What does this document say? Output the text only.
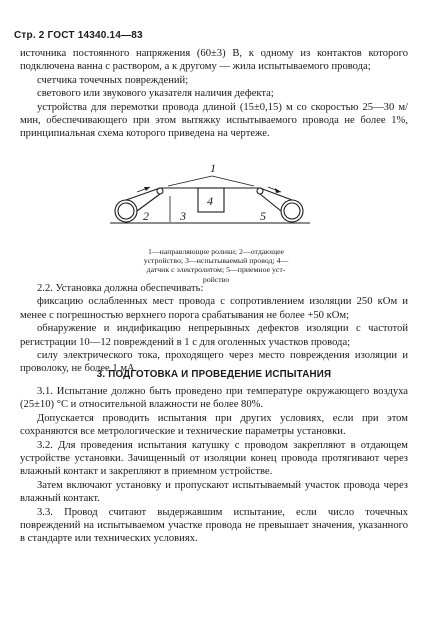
Стр. 2 ГОСТ 14340.14—83

источника постоянного напряжения (60±3) В, к одному из контактов которого подключена ванна с раствором, а к другому — жила испытываемого провода;

счетчика точечных повреждений;

светового или звукового указателя наличия дефекта;

устройства для перемотки провода длиной (15±0,15) м со скоростью 25—30 м/мин, обеспечивающего при этом вытяжку испытываемого провода не более 1%, принципиальная схема которого приведена на чертеже.

1
2	3
4
5
1—направляющие ролики; 2—отдающее
устройство; 3—испытываемый провод; 4—
датчик с электролитом; 5—приемное уст-
ройство

2.2. Установка должна обеспечивать:

фиксацию ослабленных мест провода с сопротивлением изоляции 250 кОм и менее с погрешностью верхнего порога срабатывания не более +50 кОм;

обнаружение и индификацию непрерывных дефектов изоляции с частотой регистрации 10—12 повреждений в 1 с для оголенных участков провода;

силу электрического тока, проходящего через место повреждения изоляции и проволоку, не более 1 мА.

3. ПОДГОТОВКА И ПРОВЕДЕНИЕ ИСПЫТАНИЯ

3.1. Испытание должно быть проведено при температуре окружающего воздуха (25±10) °С и относительной влажности не более 80%.

Допускается проводить испытания при других условиях, если при этом сохраняются все метрологические и технические параметры установки.

3.2. Для проведения испытания катушку с проводом закрепляют в отдающем устройстве установки. Зачищенный от изоляции конец провода протягивают через влажный контакт и закрепляют в приемном устройстве.

Затем включают установку и пропускают испытываемый участок провода через влажный контакт.

3.3. Провод считают выдержавшим испытание, если число точечных повреждений на испытываемом участке провода не превышает значения, указанного в стандарте или технических условиях.
